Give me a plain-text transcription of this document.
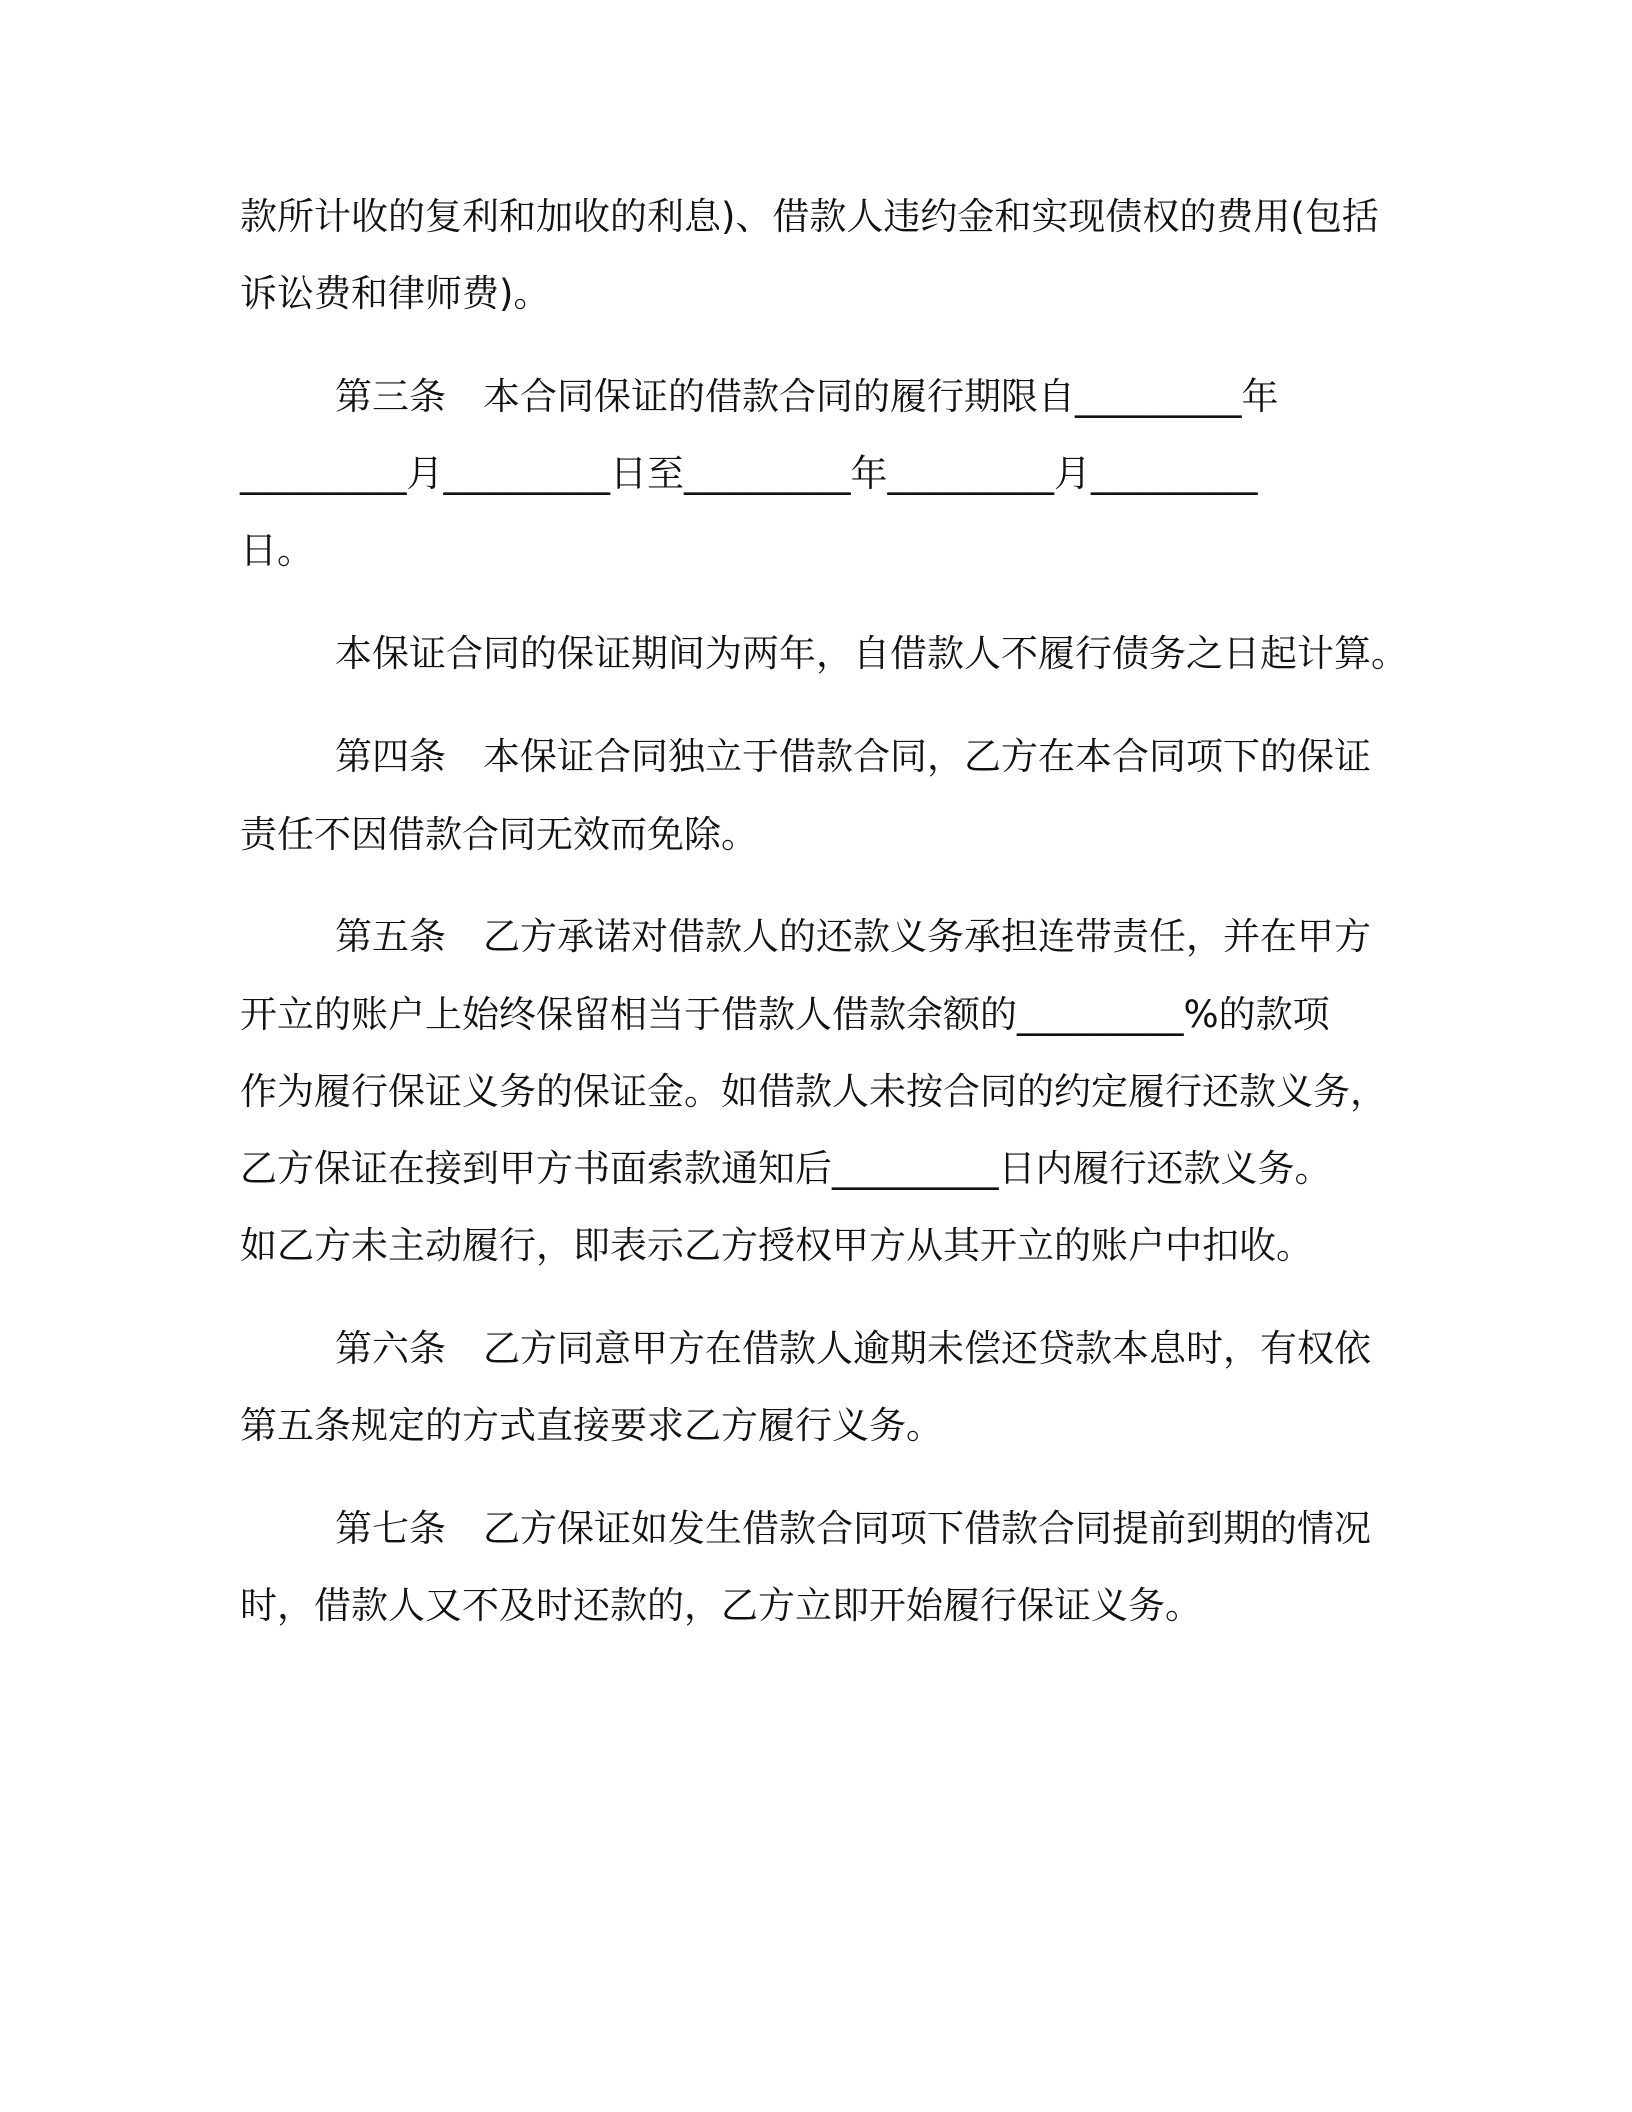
款所计收的复利和加收的利息)、借款人违约金和实现债权的费用(包括
诉讼费和律师费)。
第三条　本合同保证的借款合同的履行期限自_________年
_________月_________日至_________年_________月_________
日。
本保证合同的保证期间为两年，自借款人不履行债务之日起计算。
第四条　本保证合同独立于借款合同，乙方在本合同项下的保证
责任不因借款合同无效而免除。
第五条　乙方承诺对借款人的还款义务承担连带责任，并在甲方
开立的账户上始终保留相当于借款人借款余额的_________%的款项
作为履行保证义务的保证金。如借款人未按合同的约定履行还款义务，
乙方保证在接到甲方书面索款通知后_________日内履行还款义务。
如乙方未主动履行，即表示乙方授权甲方从其开立的账户中扣收。
第六条　乙方同意甲方在借款人逾期未偿还贷款本息时，有权依
第五条规定的方式直接要求乙方履行义务。
第七条　乙方保证如发生借款合同项下借款合同提前到期的情况
时，借款人又不及时还款的，乙方立即开始履行保证义务。
